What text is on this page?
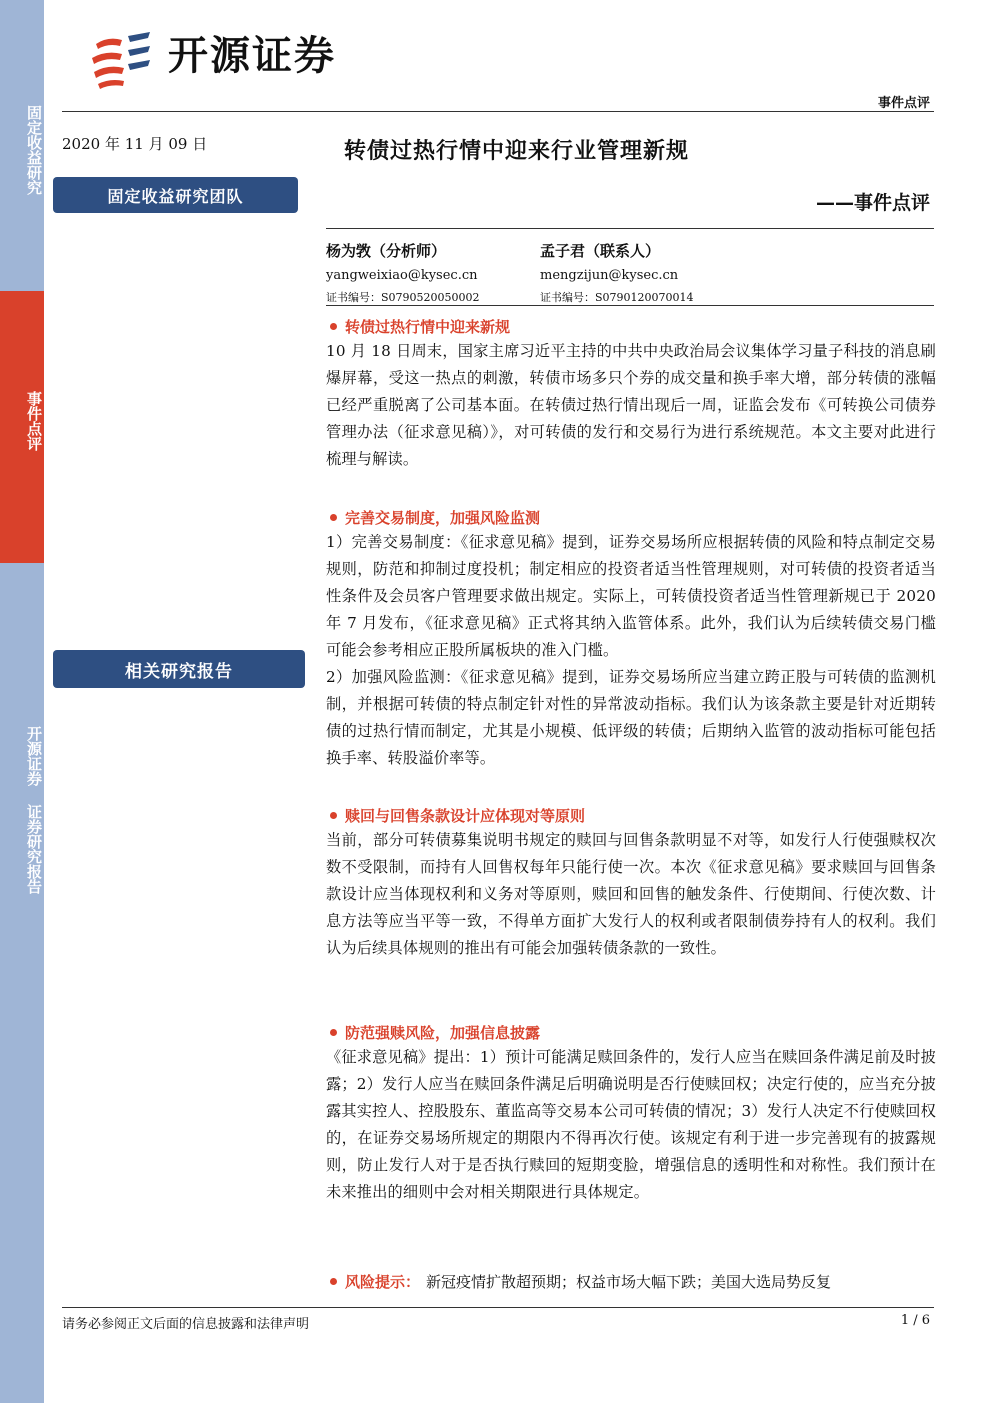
固定收益研究
事件点评
开源证券 证券研究报告
开源证券
事件点评
2020 年 11 月 09 日	转债过热行情中迎来行业管理新规
——事件点评
固定收益研究团队
相关研究报告
杨为敩（分析师）
yangweixiao@kysec.cn
证书编号：S0790520050002
孟子君（联系人）
mengzijun@kysec.cn
证书编号：S0790120070014
转债过热行情中迎来新规

10 月 18 日周末，国家主席习近平主持的中共中央政治局会议集体学习量子科技的消息刷爆屏幕，受这一热点的刺激，转债市场多只个券的成交量和换手率大增，部分转债的涨幅已经严重脱离了公司基本面。在转债过热行情出现后一周，证监会发布《可转换公司债券管理办法（征求意见稿）》，对可转债的发行和交易行为进行系统规范。本文主要对此进行梳理与解读。

完善交易制度，加强风险监测

1）完善交易制度：《征求意见稿》提到，证券交易场所应根据转债的风险和特点制定交易规则，防范和抑制过度投机；制定相应的投资者适当性管理规则，对可转债的投资者适当性条件及会员客户管理要求做出规定。实际上，可转债投资者适当性管理新规已于 2020 年 7 月发布，《征求意见稿》正式将其纳入监管体系。此外，我们认为后续转债交易门槛可能会参考相应正股所属板块的准入门槛。

2）加强风险监测：《征求意见稿》提到，证券交易场所应当建立跨正股与可转债的监测机制，并根据可转债的特点制定针对性的异常波动指标。我们认为该条款主要是针对近期转债的过热行情而制定，尤其是小规模、低评级的转债；后期纳入监管的波动指标可能包括换手率、转股溢价率等。

赎回与回售条款设计应体现对等原则

当前，部分可转债募集说明书规定的赎回与回售条款明显不对等，如发行人行使强赎权次数不受限制，而持有人回售权每年只能行使一次。本次《征求意见稿》要求赎回与回售条款设计应当体现权利和义务对等原则，赎回和回售的触发条件、行使期间、行使次数、计息方法等应当平等一致，不得单方面扩大发行人的权利或者限制债券持有人的权利。我们认为后续具体规则的推出有可能会加强转债条款的一致性。

防范强赎风险，加强信息披露

《征求意见稿》提出：1）预计可能满足赎回条件的，发行人应当在赎回条件满足前及时披露；2）发行人应当在赎回条件满足后明确说明是否行使赎回权；决定行使的，应当充分披露其实控人、控股股东、董监高等交易本公司可转债的情况；3）发行人决定不行使赎回权的，在证券交易场所规定的期限内不得再次行使。该规定有利于进一步完善现有的披露规则，防止发行人对于是否执行赎回的短期变脸，增强信息的透明性和对称性。我们预计在未来推出的细则中会对相关期限进行具体规定。

风险提示： 新冠疫情扩散超预期；权益市场大幅下跌；美国大选局势反复
请务必参阅正文后面的信息披露和法律声明	1 / 6
